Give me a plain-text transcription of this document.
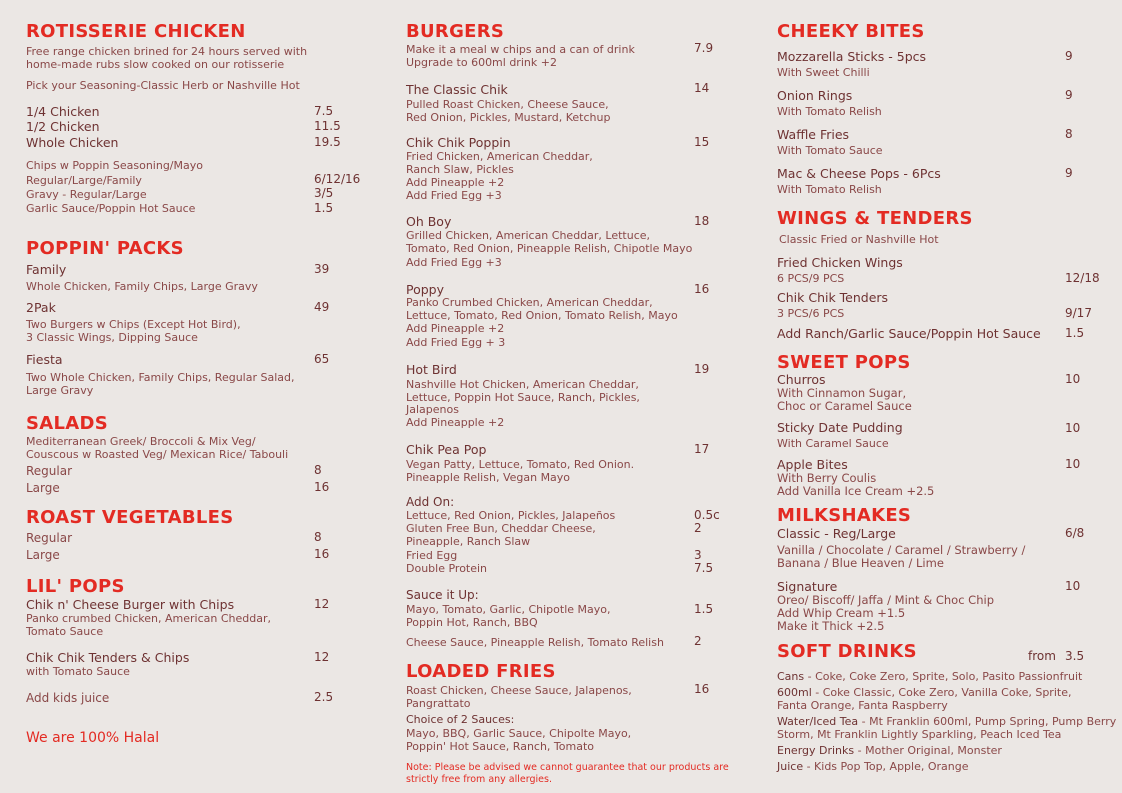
ROTISSERIE CHICKEN
Free range chicken brined for 24 hours served with
home-made rubs slow cooked on our rotisserie
Pick your Seasoning-Classic Herb or Nashville Hot
1/4 Chicken	7.5
1/2 Chicken	11.5
Whole Chicken	19.5
Chips w Poppin Seasoning/Mayo
Regular/Large/Family	6/12/16
Gravy - Regular/Large	3/5
Garlic Sauce/Poppin Hot Sauce	1.5
POPPIN' PACKS
Family	39
Whole Chicken, Family Chips, Large Gravy
2Pak	49
Two Burgers w Chips (Except Hot Bird),
3 Classic Wings, Dipping Sauce
Fiesta	65
Two Whole Chicken, Family Chips, Regular Salad,
Large Gravy
SALADS
Mediterranean Greek/ Broccoli & Mix Veg/
Couscous w Roasted Veg/ Mexican Rice/ Tabouli
Regular	8
Large	16
ROAST VEGETABLES
Regular	8
Large	16
LIL' POPS
Chik n' Cheese Burger with Chips	12
Panko crumbed Chicken, American Cheddar,
Tomato Sauce
Chik Chik Tenders & Chips	12
with Tomato Sauce
Add kids juice	2.5
We are 100% Halal
BURGERS
Make it a meal w chips and a can of drink	7.9
Upgrade to 600ml drink +2
The Classic Chik	14
Pulled Roast Chicken, Cheese Sauce,
Red Onion, Pickles, Mustard, Ketchup
Chik Chik Poppin	15
Fried Chicken, American Cheddar,
Ranch Slaw, Pickles
Add Pineapple +2
Add Fried Egg +3
Oh Boy	18
Grilled Chicken, American Cheddar, Lettuce,
Tomato, Red Onion, Pineapple Relish, Chipotle Mayo
Add Fried Egg +3
Poppy	16
Panko Crumbed Chicken, American Cheddar,
Lettuce, Tomato, Red Onion, Tomato Relish, Mayo
Add Pineapple +2
Add Fried Egg + 3
Hot Bird	19
Nashville Hot Chicken, American Cheddar,
Lettuce, Poppin Hot Sauce, Ranch, Pickles,
Jalapenos
Add Pineapple +2
Chik Pea Pop	17
Vegan Patty, Lettuce, Tomato, Red Onion.
Pineapple Relish, Vegan Mayo
Add On:
Lettuce, Red Onion, Pickles, Jalapeños	0.5c
Gluten Free Bun, Cheddar Cheese,	2
Pineapple, Ranch Slaw
Fried Egg	3
Double Protein	7.5
Sauce it Up:
Mayo, Tomato, Garlic, Chipotle Mayo,	1.5
Poppin Hot, Ranch, BBQ
Cheese Sauce, Pineapple Relish, Tomato Relish	2
LOADED FRIES
Roast Chicken, Cheese Sauce, Jalapenos,	16
Pangrattato
Choice of 2 Sauces:
Mayo, BBQ, Garlic Sauce, Chipolte Mayo,
Poppin' Hot Sauce, Ranch, Tomato
Note: Please be advised we cannot guarantee that our products are
strictly free from any allergies.
CHEEKY BITES
Mozzarella Sticks - 5pcs	9
With Sweet Chilli
Onion Rings	9
With Tomato Relish
Waffle Fries	8
With Tomato Sauce
Mac & Cheese Pops - 6Pcs	9
With Tomato Relish
WINGS & TENDERS
Classic Fried or Nashville Hot
Fried Chicken Wings
6 PCS/9 PCS	12/18
Chik Chik Tenders
3 PCS/6 PCS	9/17
Add Ranch/Garlic Sauce/Poppin Hot Sauce 1.5
SWEET POPS
Churros	10
With Cinnamon Sugar,
Choc or Caramel Sauce
Sticky Date Pudding	10
With Caramel Sauce
Apple Bites	10
With Berry Coulis
Add Vanilla Ice Cream +2.5
MILKSHAKES
Classic - Reg/Large	6/8
Vanilla / Chocolate / Caramel / Strawberry /
Banana / Blue Heaven / Lime
Signature	10
Oreo/ Biscoff/ Jaffa / Mint & Choc Chip
Add Whip Cream +1.5
Make it Thick +2.5
SOFT DRINKS	from 3.5
Cans - Coke, Coke Zero, Sprite, Solo, Pasito Passionfruit
600ml - Coke Classic, Coke Zero, Vanilla Coke, Sprite,
Fanta Orange, Fanta Raspberry
Water/Iced Tea - Mt Franklin 600ml, Pump Spring, Pump Berry
Storm, Mt Franklin Lightly Sparkling, Peach Iced Tea
Energy Drinks - Mother Original, Monster
Juice - Kids Pop Top, Apple, Orange
